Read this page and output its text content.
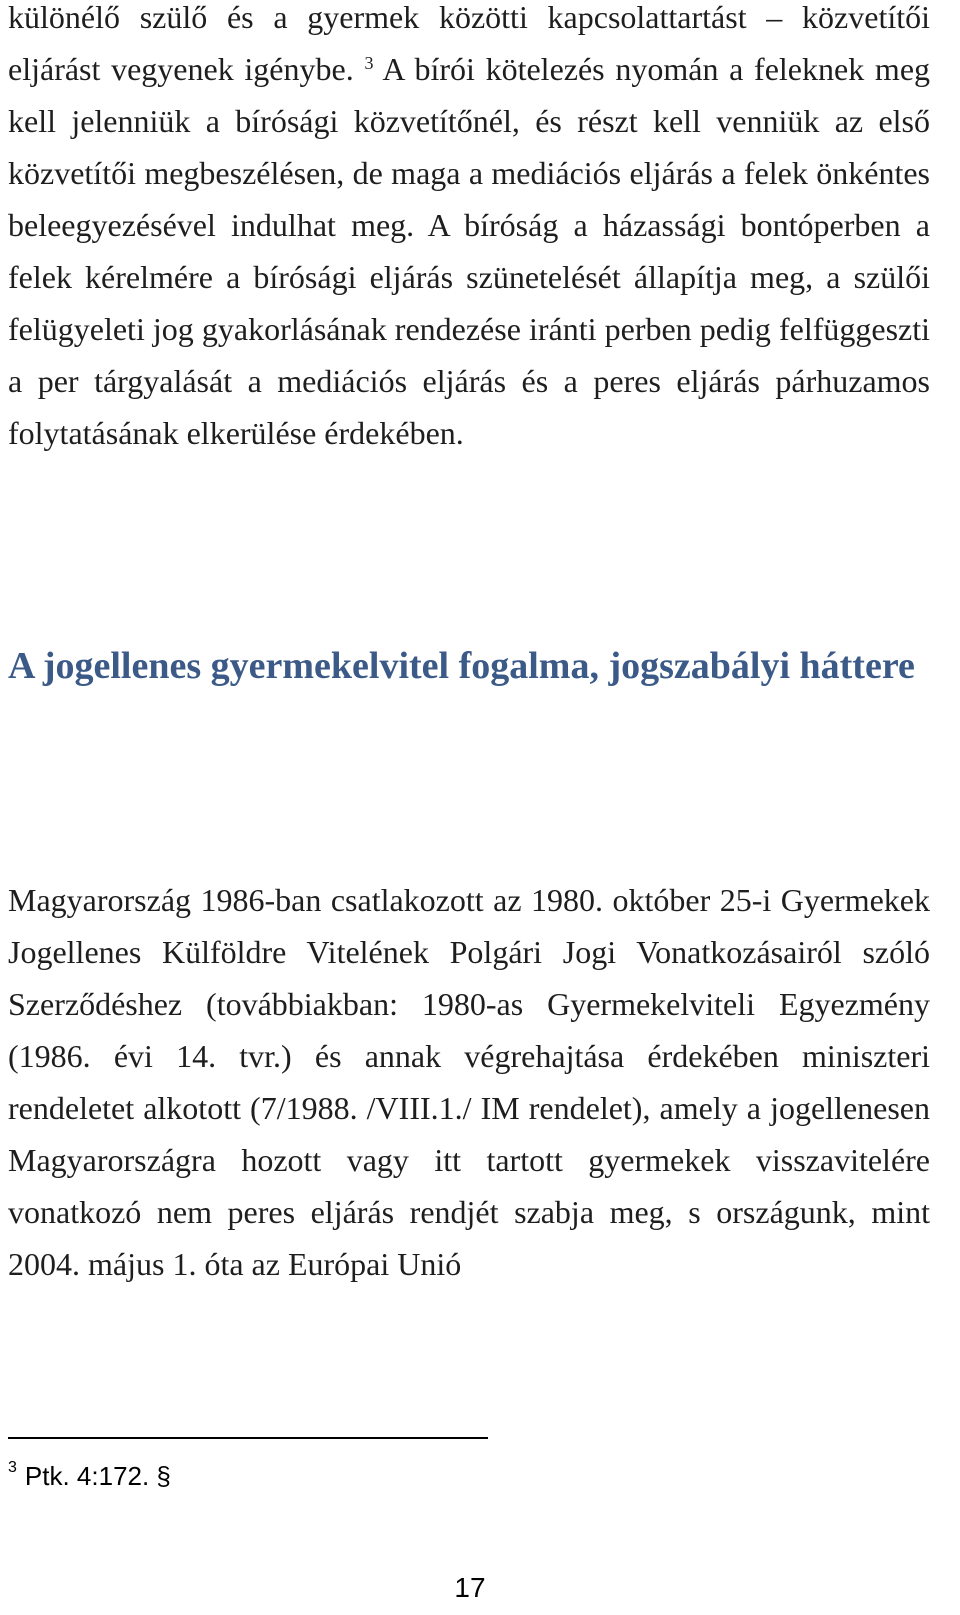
különélő szülő és a gyermek közötti kapcsolattartást – közvetítői eljárást vegyenek igénybe. $^3$ A bírói kötelezés nyomán a feleknek meg kell jelenniük a bírósági közvetítőnél, és részt kell venniük az első közvetítői megbeszélésen, de maga a mediációs eljárás a felek önkéntes beleegyezésével indulhat meg. A bíróság a házassági bontóperben a felek kérelmére a bírósági eljárás szünetelését állapítja meg, a szülői felügyeleti jog gyakorlásának rendezése iránti perben pedig felfüggeszti a per tárgyalását a mediációs eljárás és a peres eljárás párhuzamos folytatásának elkerülése érdekében.

A jogellenes gyermekelvitel fogalma, jogszabályi háttere

Magyarország 1986-ban csatlakozott az 1980. október 25-i Gyermekek Jogellenes Külföldre Vitelének Polgári Jogi Vonatkozásairól szóló Szerződéshez (továbbiakban: 1980-as Gyermekelviteli Egyezmény (1986. évi 14. tvr.) és annak végrehajtása érdekében miniszteri rendeletet alkotott (7/1988. /VIII.1./ IM rendelet), amely a jogellenesen Magyarországra hozott vagy itt tartott gyermekek visszavitelére vonatkozó nem peres eljárás rendjét szabja meg, s országunk, mint 2004. május 1. óta az Európai Unió

$^3$ Ptk. 4:172. §

17
